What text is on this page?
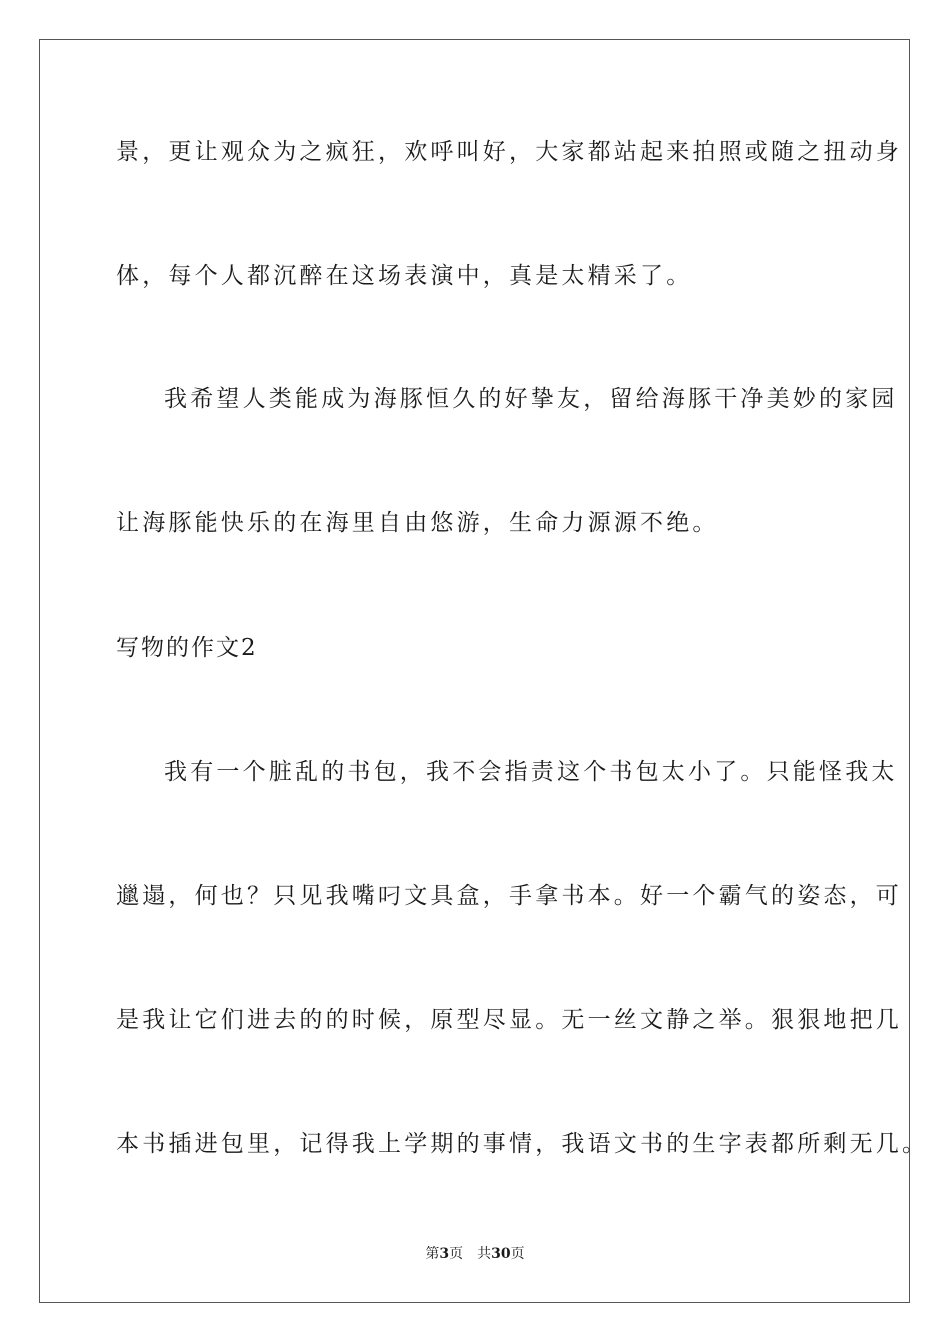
景，更让观众为之疯狂，欢呼叫好，大家都站起来拍照或随之扭动身
体，每个人都沉醉在这场表演中，真是太精采了。
我希望人类能成为海豚恒久的好挚友，留给海豚干净美妙的家园
让海豚能快乐的在海里自由悠游，生命力源源不绝。
写物的作文2
我有一个脏乱的书包，我不会指责这个书包太小了。只能怪我太
邋遢，何也？只见我嘴叼文具盒，手拿书本。好一个霸气的姿态，可
是我让它们进去的的时候，原型尽显。无一丝文静之举。狠狠地把几
本书插进包里，记得我上学期的事情，我语文书的生字表都所剩无几。
第3页 共30页
